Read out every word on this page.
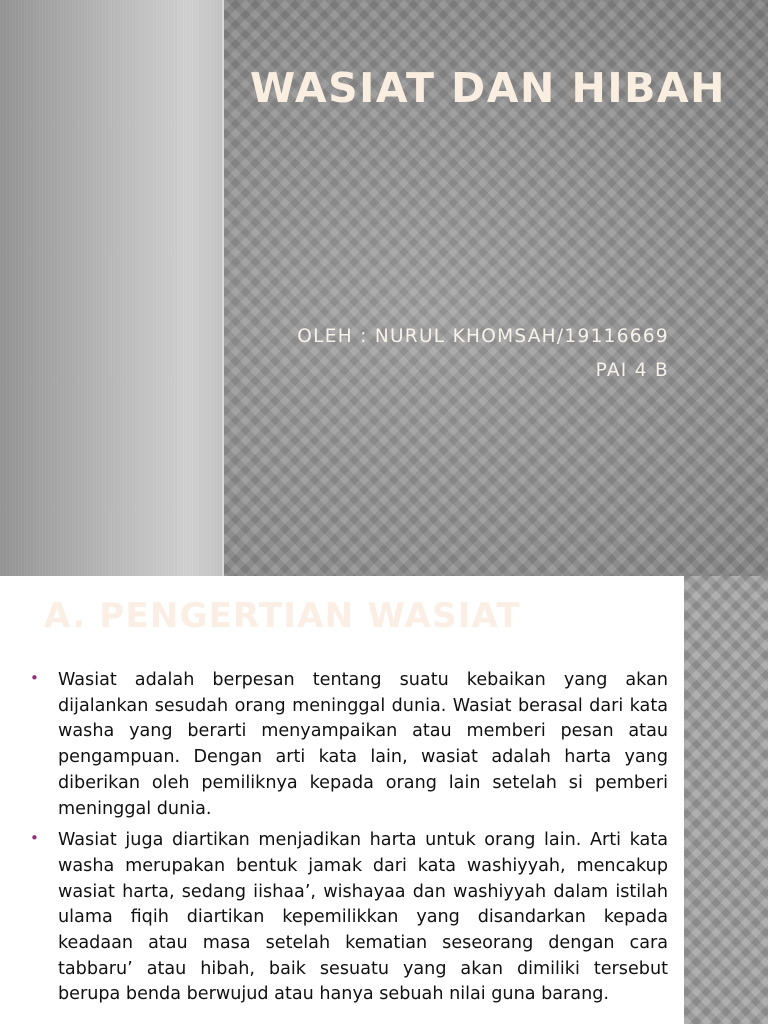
WASIAT DAN HIBAH
OLEH : NURUL KHOMSAH/19116669
PAI 4 B
A. PENGERTIAN WASIAT
• Wasiat adalah berpesan tentang suatu kebaikan yang akan dijalankan sesudah orang meninggal dunia. Wasiat berasal dari kata washa yang berarti menyampaikan atau memberi pesan atau pengampuan. Dengan arti kata lain, wasiat adalah harta yang diberikan oleh pemiliknya kepada orang lain setelah si pemberi meninggal dunia.
• Wasiat juga diartikan menjadikan harta untuk orang lain. Arti kata washa merupakan bentuk jamak dari kata washiyyah, mencakup wasiat harta, sedang iishaa’, wishayaa dan washiyyah dalam istilah ulama fiqih diartikan kepemilikkan yang disandarkan kepada keadaan atau masa setelah kematian seseorang dengan cara tabbaru’ atau hibah, baik sesuatu yang akan dimiliki tersebut berupa benda berwujud atau hanya sebuah nilai guna barang.
